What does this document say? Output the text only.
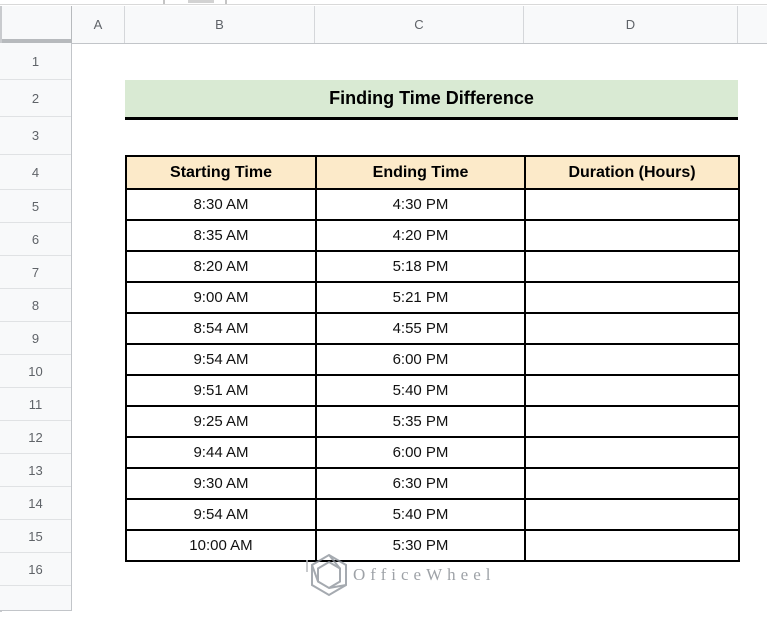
A	B	C	D
1
2
3
4
5
6
7
8
9
10
11
12
13
14
15
16
Finding Time Difference
Starting Time	Ending Time	Duration (Hours)
8:30 AM	4:30 PM	
8:35 AM	4:20 PM	
8:20 AM	5:18 PM	
9:00 AM	5:21 PM	
8:54 AM	4:55 PM	
9:54 AM	6:00 PM	
9:51 AM	5:40 PM	
9:25 AM	5:35 PM	
9:44 AM	6:00 PM	
9:30 AM	6:30 PM	
9:54 AM	5:40 PM	
10:00 AM	5:30 PM	
OfficeWheel
